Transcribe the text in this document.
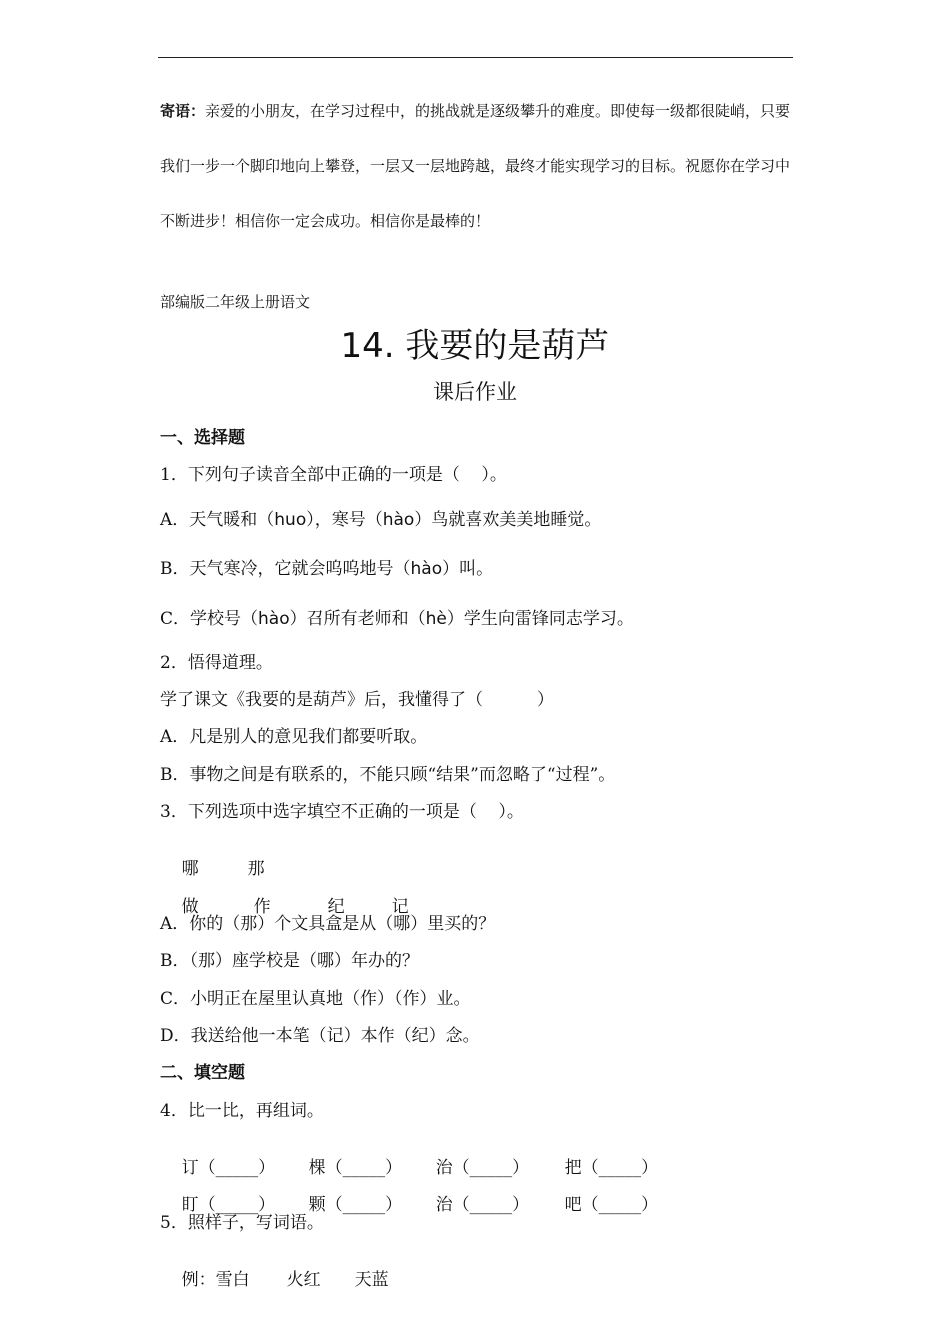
寄语：亲爱的小朋友，在学习过程中，的挑战就是逐级攀升的难度。即使每一级都很陡峭，只要我们一步一个脚印地向上攀登，一层又一层地跨越，最终才能实现学习的目标。祝愿你在学习中不断进步！相信你一定会成功。相信你是最棒的！
部编版二年级上册语文
14. 我要的是葫芦
课后作业
一、选择题
1．下列句子读音全部中正确的一项是（    ）。
A．天气暖和（huo），寒号（hào）鸟就喜欢美美地睡觉。
B．天气寒冷，它就会呜呜地号（hào）叫。
C．学校号（hào）召所有老师和（hè）学生向雷锋同志学习。
2．悟得道理。
学了课文《我要的是葫芦》后，我懂得了（          ）
A．凡是别人的意见我们都要听取。
B．事物之间是有联系的，不能只顾“结果”而忽略了“过程”。
3．下列选项中选字填空不正确的一项是（    ）。

哪	那

做	作	纪	记

A．你的（那）个文具盒是从（哪）里买的？
B．（那）座学校是（哪）年办的？
C．小明正在屋里认真地（作）（作）业。
D．我送给他一本笔（记）本作（纪）念。
二、填空题
4．比一比，再组词。

订（_____） 棵（_____） 治（_____） 把（_____）

盯（_____） 颗（_____） 治（_____） 吧（_____）

5．照样子，写词语。

例：雪白 火红 天蓝
